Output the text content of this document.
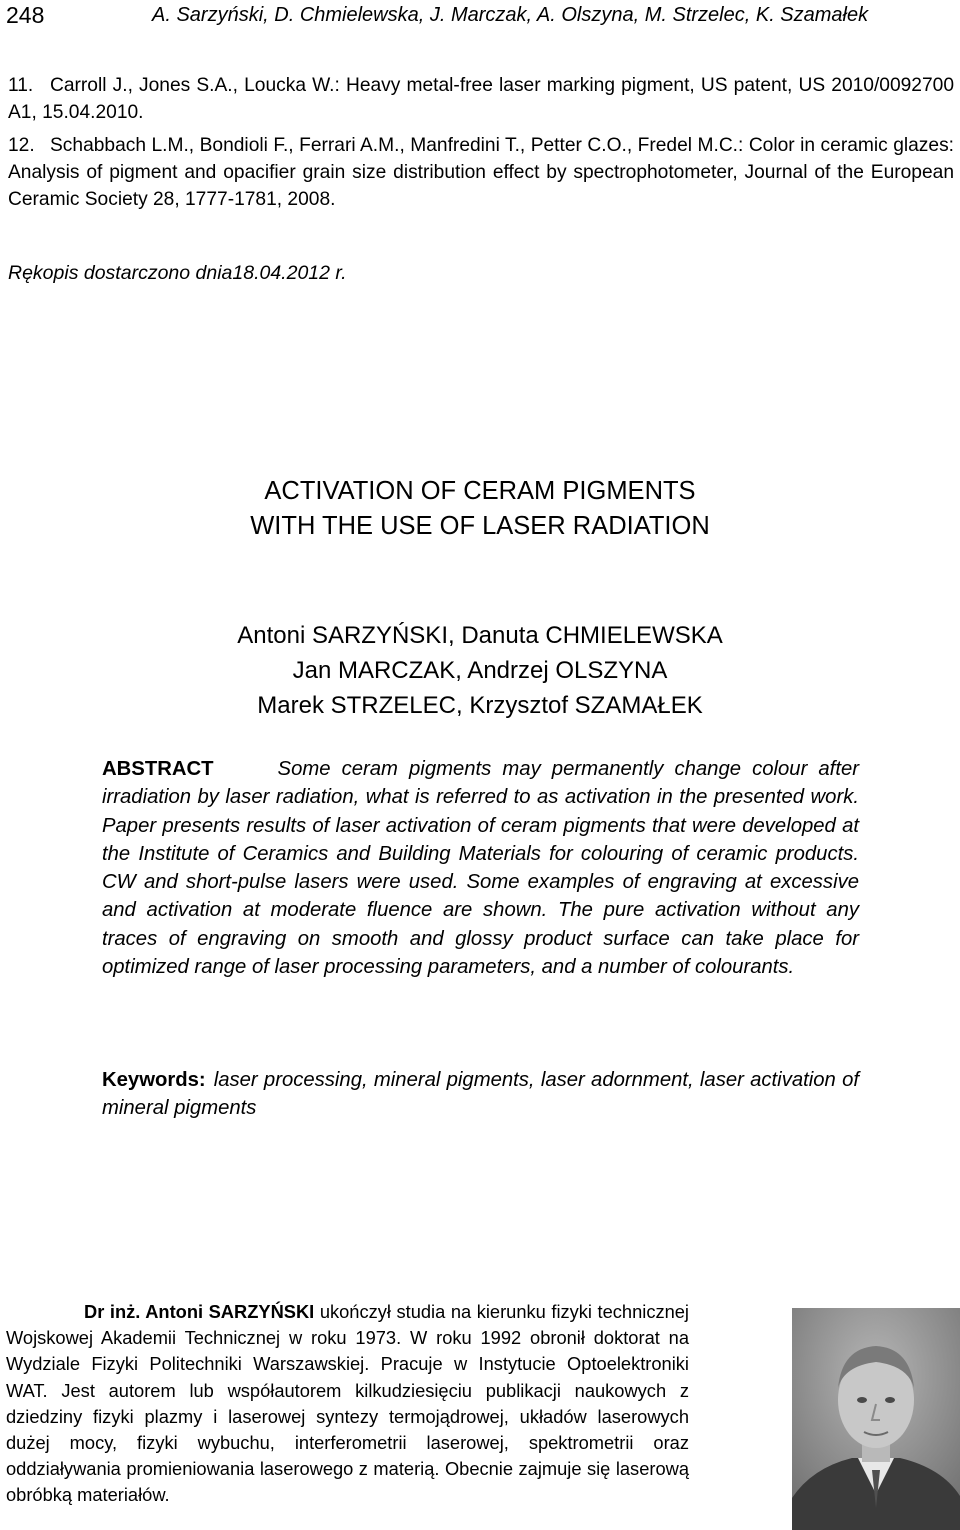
248	A. Sarzyński, D. Chmielewska, J. Marczak, A. Olszyna, M. Strzelec, K. Szamałek
11. Carroll J., Jones S.A., Loucka W.: Heavy metal-free laser marking pigment, US patent, US 2010/0092700 A1, 15.04.2010.
12. Schabbach L.M., Bondioli F., Ferrari A.M., Manfredini T., Petter C.O., Fredel M.C.: Color in ceramic glazes: Analysis of pigment and opacifier grain size distribution effect by spectrophotometer, Journal of the European Ceramic Society 28, 1777-1781, 2008.
Rękopis dostarczono dnia18.04.2012 r.
ACTIVATION OF CERAM PIGMENTS
WITH THE USE OF LASER RADIATION
Antoni SARZYŃSKI, Danuta CHMIELEWSKA
Jan MARCZAK, Andrzej OLSZYNA
Marek STRZELEC, Krzysztof SZAMAŁEK
ABSTRACT	Some ceram pigments may permanently change colour after irradiation by laser radiation, what is referred to as activation in the presented work. Paper presents results of laser activation of ceram pigments that were developed at the Institute of Ceramics and Building Materials for colouring of ceramic products. CW and short-pulse lasers were used. Some examples of engraving at excessive and activation at moderate fluence are shown. The pure activation without any traces of engraving on smooth and glossy product surface can take place for optimized range of laser processing parameters, and a number of colourants.
Keywords: laser processing, mineral pigments, laser adornment, laser activation of mineral pigments
Dr inż. Antoni SARZYŃSKI ukończył studia na kierunku fizyki technicznej Wojskowej Akademii Technicznej w roku 1973. W roku 1992 obronił doktorat na Wydziale Fizyki Politechniki Warszawskiej. Pracuje w Instytucie Optoelektroniki WAT. Jest autorem lub współautorem kilkudziesięciu publikacji naukowych z dziedziny fizyki plazmy i laserowej syntezy termojądrowej, układów laserowych dużej mocy, fizyki wybuchu, interferometrii laserowej, spektrometrii oraz oddziaływania promieniowania laserowego z materią. Obecnie zajmuje się laserową obróbką materiałów.
